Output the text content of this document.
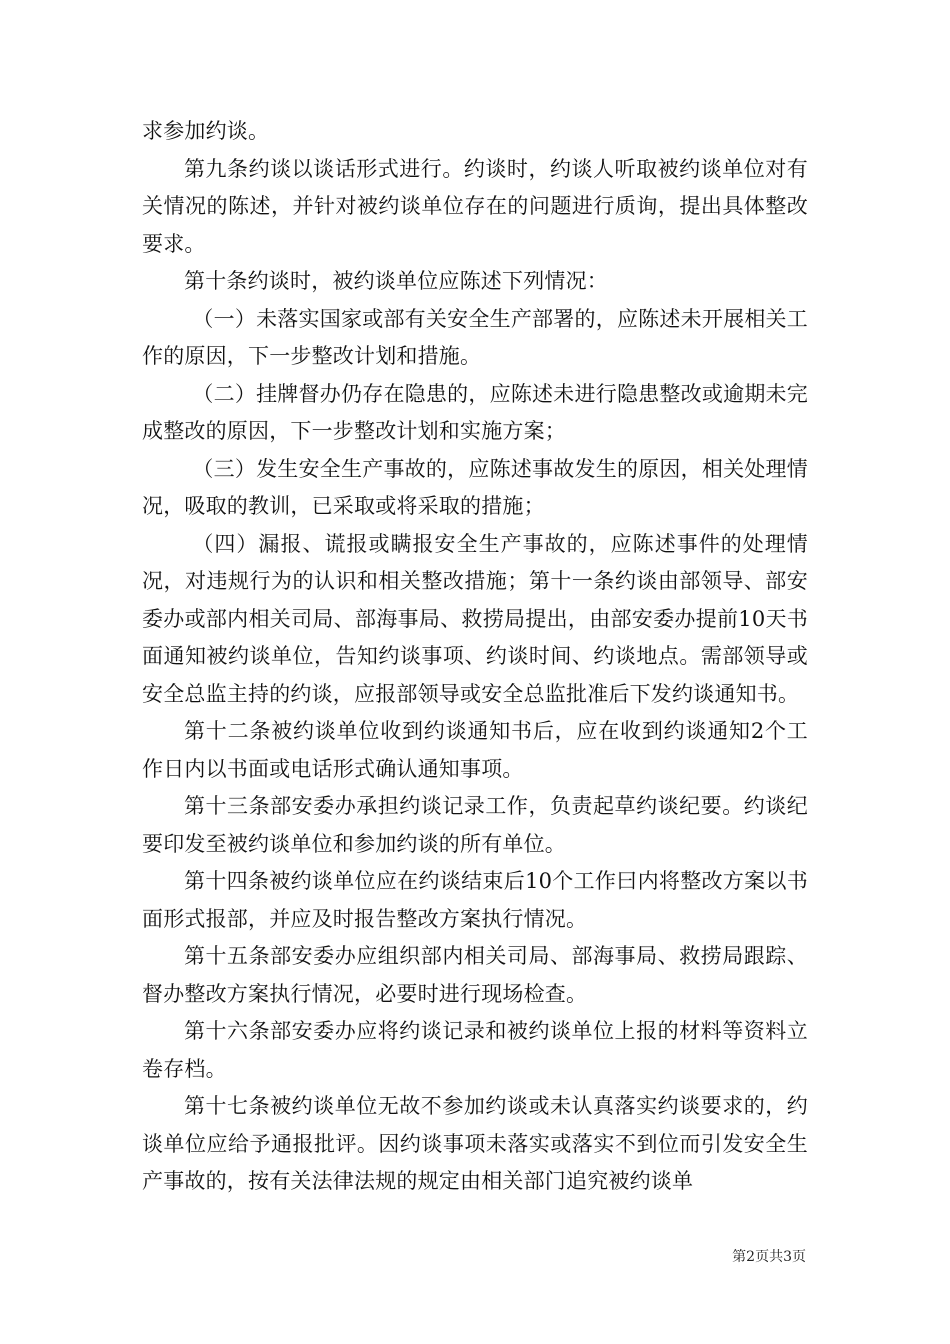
求参加约谈。

第九条约谈以谈话形式进行。约谈时，约谈人听取被约谈单位对有关情况的陈述，并针对被约谈单位存在的问题进行质询，提出具体整改要求。

第十条约谈时，被约谈单位应陈述下列情况：

（一）未落实国家或部有关安全生产部署的，应陈述未开展相关工作的原因，下一步整改计划和措施。

（二）挂牌督办仍存在隐患的，应陈述未进行隐患整改或逾期未完成整改的原因，下一步整改计划和实施方案；

（三）发生安全生产事故的，应陈述事故发生的原因，相关处理情况，吸取的教训，已采取或将采取的措施；

（四）漏报、谎报或瞒报安全生产事故的，应陈述事件的处理情况，对违规行为的认识和相关整改措施；第十一条约谈由部领导、部安委办或部内相关司局、部海事局、救捞局提出，由部安委办提前10天书面通知被约谈单位，告知约谈事项、约谈时间、约谈地点。需部领导或安全总监主持的约谈，应报部领导或安全总监批准后下发约谈通知书。

第十二条被约谈单位收到约谈通知书后，应在收到约谈通知2个工作日内以书面或电话形式确认通知事项。

第十三条部安委办承担约谈记录工作，负责起草约谈纪要。约谈纪要印发至被约谈单位和参加约谈的所有单位。

第十四条被约谈单位应在约谈结束后10个工作曰内将整改方案以书面形式报部，并应及时报告整改方案执行情况。

第十五条部安委办应组织部内相关司局、部海事局、救捞局跟踪、督办整改方案执行情况，必要时进行现场检查。

第十六条部安委办应将约谈记录和被约谈单位上报的材料等资料立卷存档。

第十七条被约谈单位无故不参加约谈或未认真落实约谈要求的，约谈单位应给予通报批评。因约谈事项未落实或落实不到位而引发安全生产事故的，按有关法律法规的规定由相关部门追究被约谈单

第2页共3页
